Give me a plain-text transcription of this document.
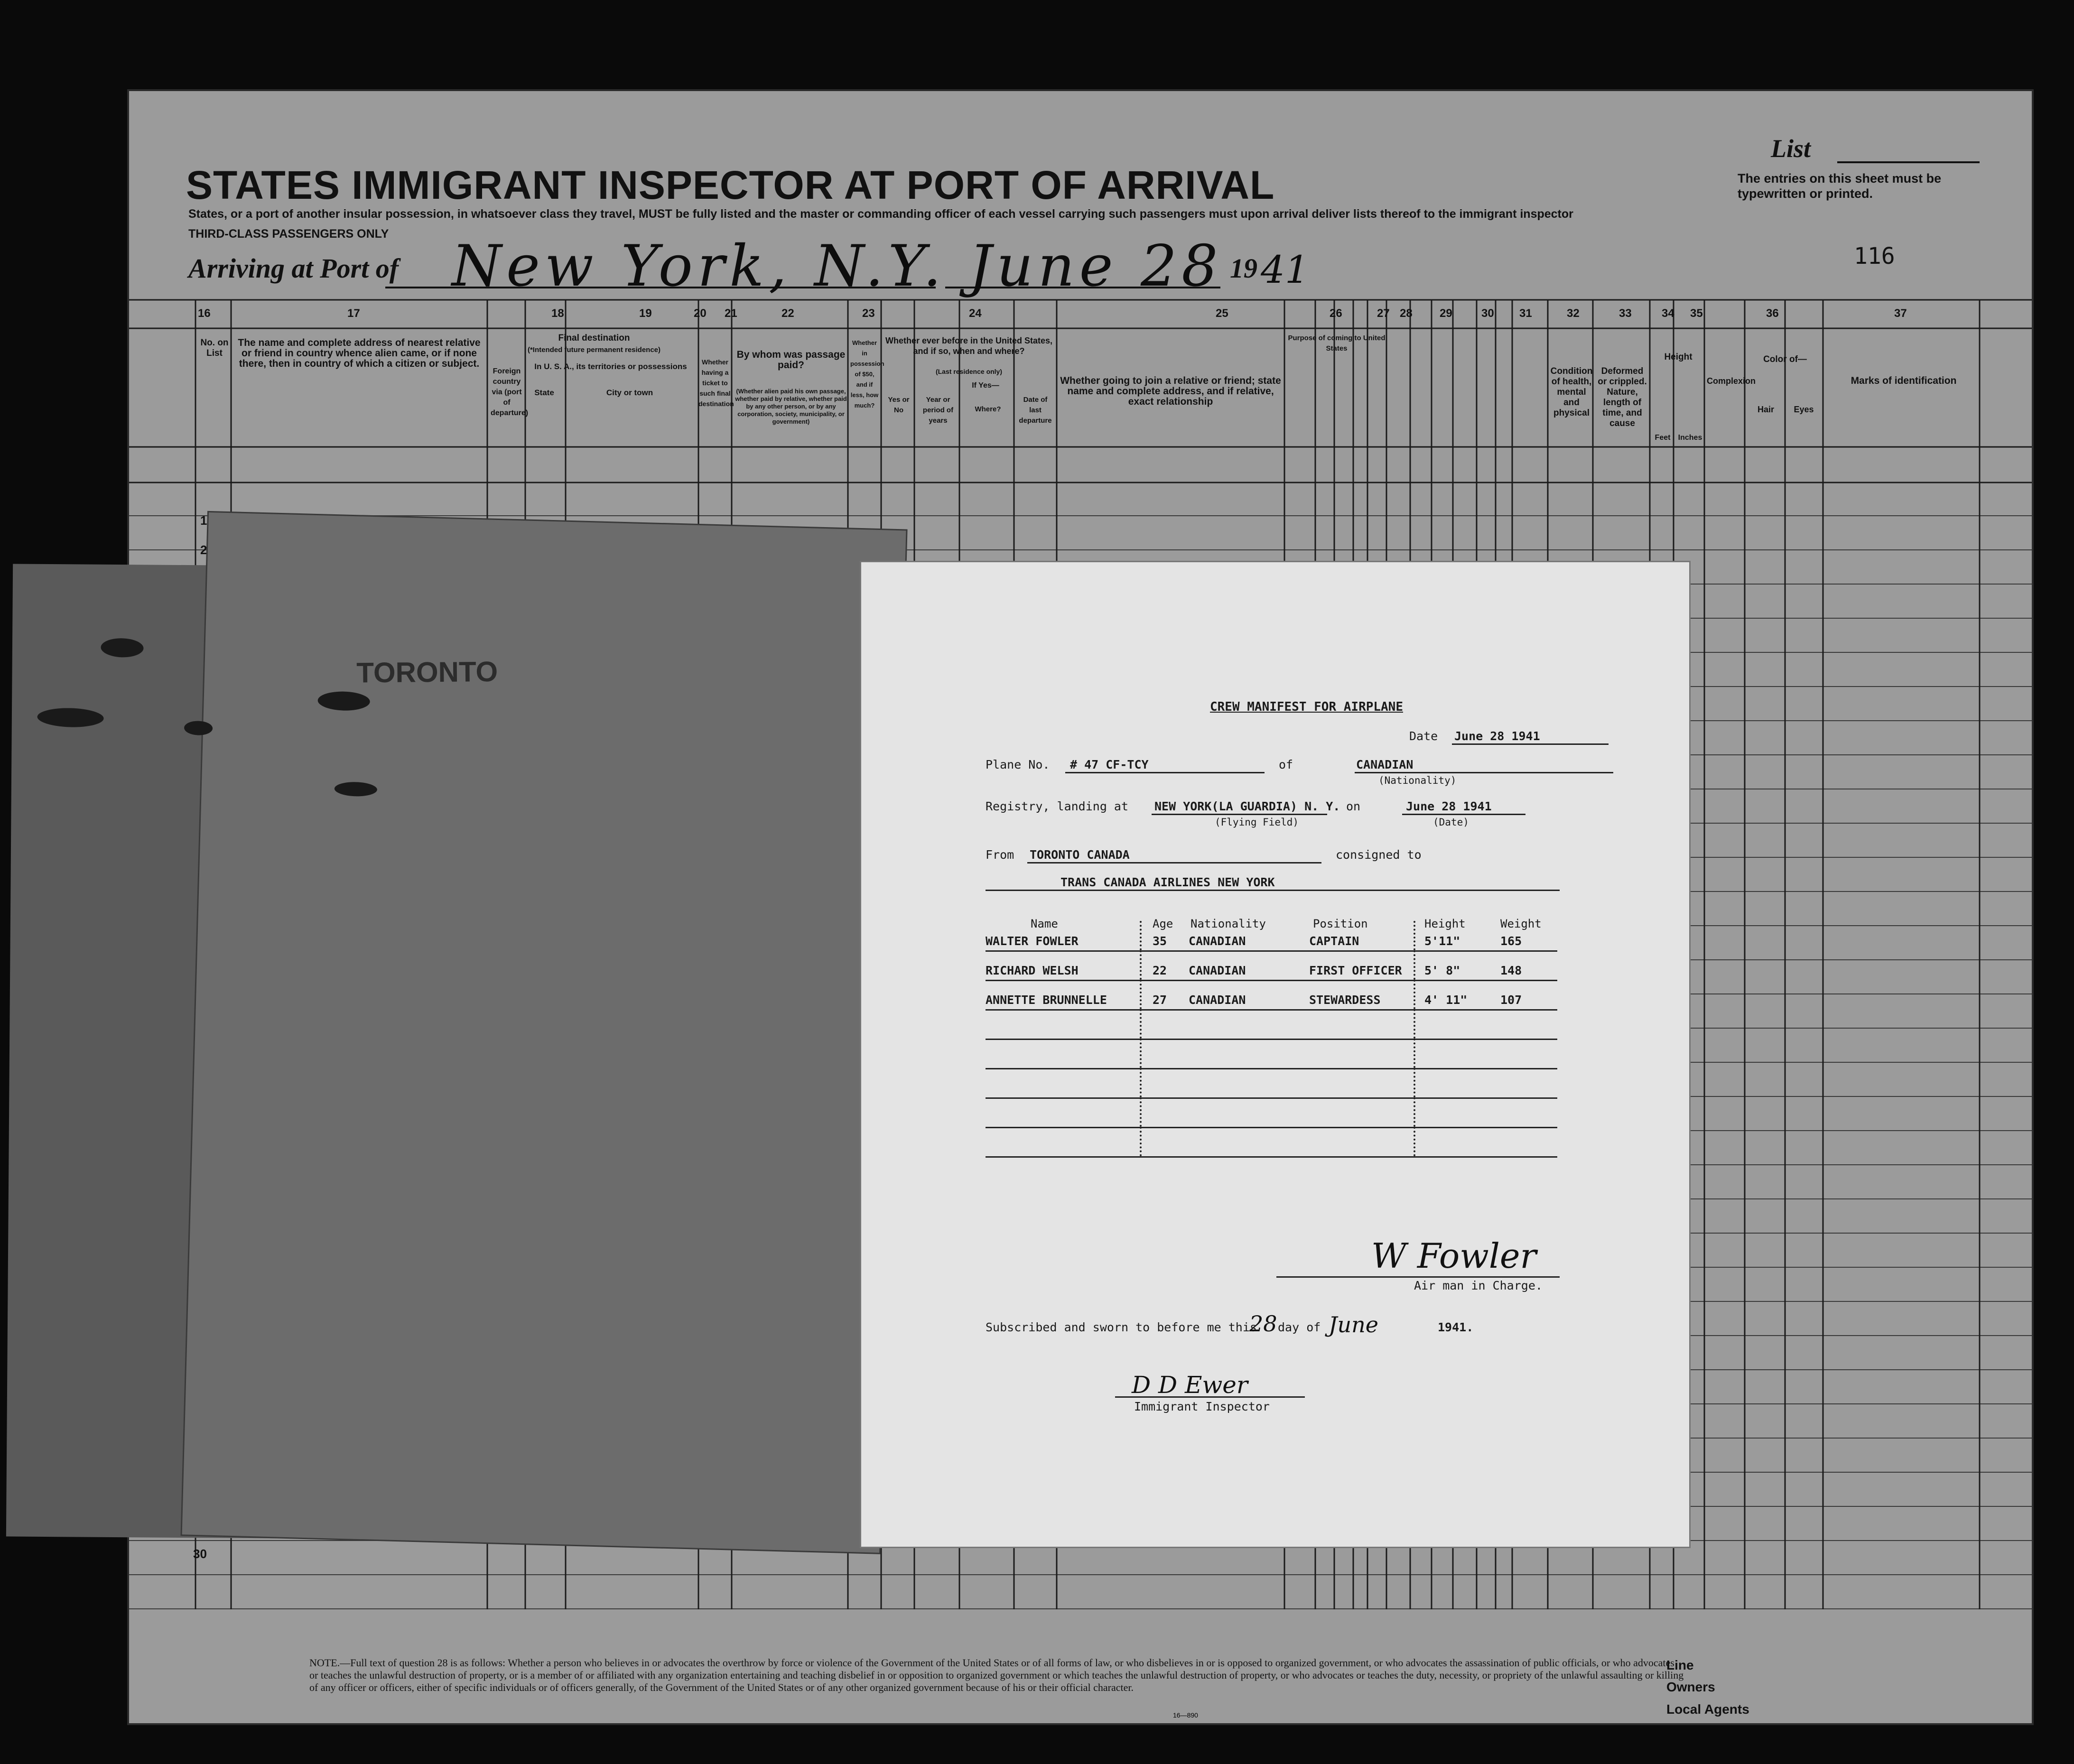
STATES IMMIGRANT INSPECTOR AT PORT OF ARRIVAL
States, or a port of another insular possession, in whatsoever class they travel, MUST be fully listed and the master or commanding officer of each vessel carrying such passengers must upon arrival deliver lists thereof to the immigrant inspector
THIRD-CLASS PASSENGERS ONLY
List
The entries on this sheet must be typewritten or printed.
116
Arriving at Port of New York, N.Y. June 28 19 41
16	17	18	19	20 21	22	23	24	25	26	27 28 29	30 31	32	33	34 35	36	37
No. on List
The name and complete address of nearest relative or friend in country whence alien came, or if none there, then in country of which a citizen or subject.
Final destination
(*Intended future permanent residence)
Foreign country via (port of departure)
In U. S. A., its territories or possessions
State	City or town
Whether having a ticket to such final destination
By whom was passage paid?
(Whether alien paid his own passage, whether paid by relative, whether paid by any other person, or by any corporation, society, municipality, or government)
Whether in possession of $50, and if less, how much?
Whether ever before in the United States, and if so, when and where?
(Last residence only)
If Yes—
Yes or No
Year or period of years
Where?
Date of last departure
Whether going to join a relative or friend; state name and complete address, and if relative, exact relationship
Purpose of coming to United States
Condition of health, mental and physical
Deformed or crippled. Nature, length of time, and cause
Height
Feet Inches
Complexion
Color of—
Hair	Eyes
Marks of identification
1
2
30
NOTE.—Full text of question 28 is as follows: Whether a person who believes in or advocates the overthrow by force or violence of the Government of the United States or of all forms of law, or who disbelieves in or is opposed to organized government, or who advocates the assassination of public officials, or who advocates or teaches the unlawful destruction of property, or is a member of or affiliated with any organization entertaining and teaching disbelief in or opposition to organized government or which teaches the unlawful destruction of property, or who advocates or teaches the duty, necessity, or propriety of the unlawful assaulting or killing of any officer or officers, either of specific individuals or of officers generally, of the Government of the United States or of any other organized government because of his or their official character.
Line
Owners
Local Agents
16—890
TORONTO
CREW MANIFEST FOR AIRPLANE
Date June 28 1941
Plane No. # 47 CF-TCY	of	CANADIAN
(Nationality)
Registry, landing at NEW YORK(LA GUARDIA) N. Y.
(Flying Field)
on	June 28 1941
(Date)
From TORONTO CANADA	consigned to
TRANS CANADA AIRLINES NEW YORK
Name	Age Nationality	Position	Height	Weight
WALTER FOWLER	35 CANADIAN	CAPTAIN	5'11"	165
RICHARD WELSH	22 CANADIAN	FIRST OFFICER 5' 8"	148
ANNETTE BRUNNELLE	27 CANADIAN	STEWARDESS	4' 11"	107
W Fowler
Air man in Charge.
Subscribed and sworn to before me this
28 day of June	1941.
D D Ewer
Immigrant Inspector
